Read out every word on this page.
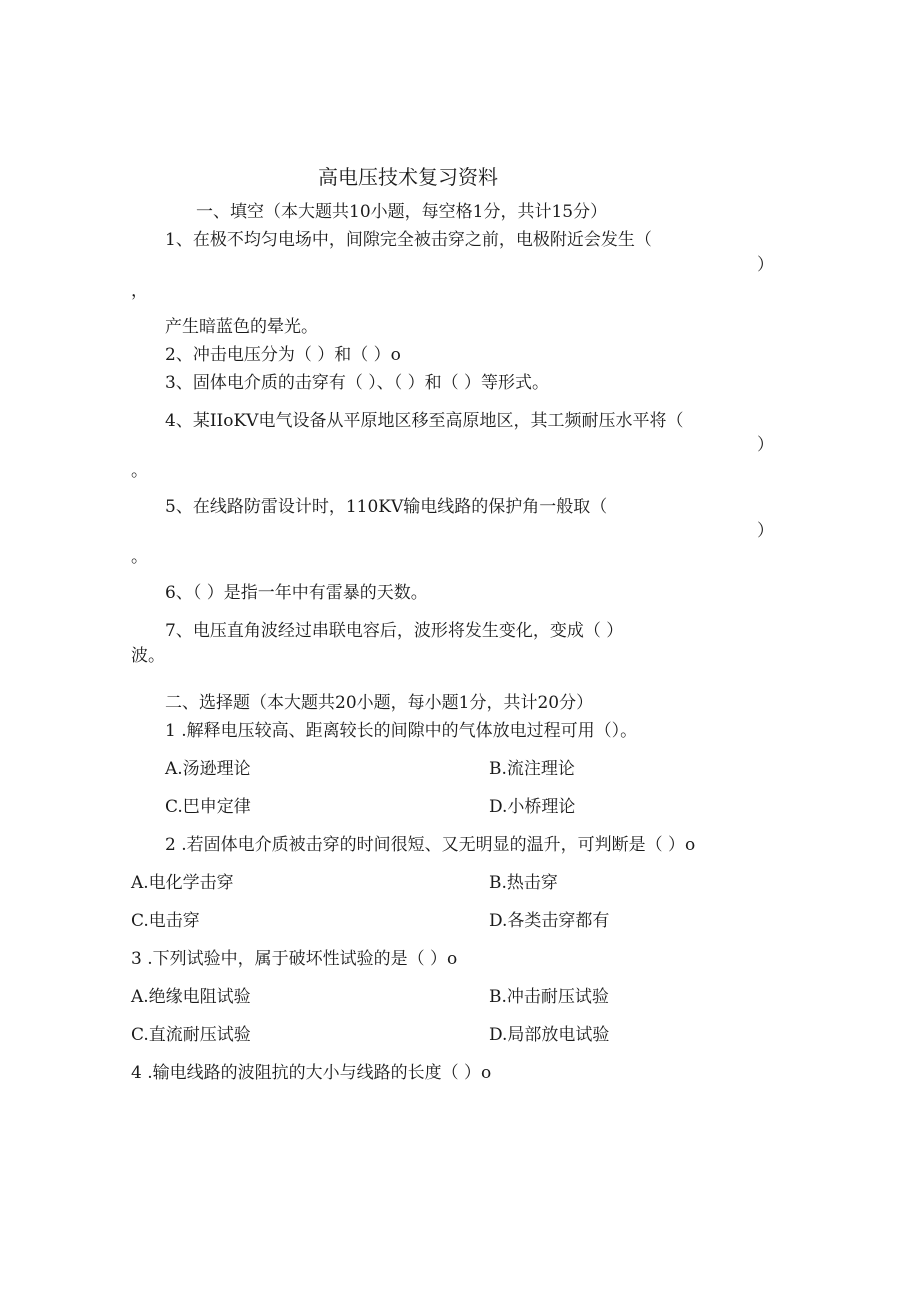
高电压技术复习资料
一、填空（本大题共10小题，每空格1分，共计15分）
1、在极不均匀电场中，间隙完全被击穿之前，电极附近会发生（
）
，
产生暗蓝色的晕光。
2、冲击电压分为（ ）和（ ）o
3、固体电介质的击穿有（ ）、（ ）和（ ）等形式。
4、某IIoKV电气设备从平原地区移至高原地区，其工频耐压水平将（
）
。
5、在线路防雷设计时，110KV输电线路的保护角一般取（
）
。
6、（ ）是指一年中有雷暴的天数。
7、电压直角波经过串联电容后，波形将发生变化，变成（ ）
波。
二、选择题（本大题共20小题，每小题1分，共计20分）
1 .解释电压较高、距离较长的间隙中的气体放电过程可用（）。
A.汤逊理论	B.流注理论
C.巴申定律	D.小桥理论
2 .若固体电介质被击穿的时间很短、又无明显的温升，可判断是（ ）o
A.电化学击穿	B.热击穿
C.电击穿	D.各类击穿都有
3 .下列试验中，属于破坏性试验的是（ ）o
A.绝缘电阻试验	B.冲击耐压试验
C.直流耐压试验	D.局部放电试验
4 .输电线路的波阻抗的大小与线路的长度（ ）o
